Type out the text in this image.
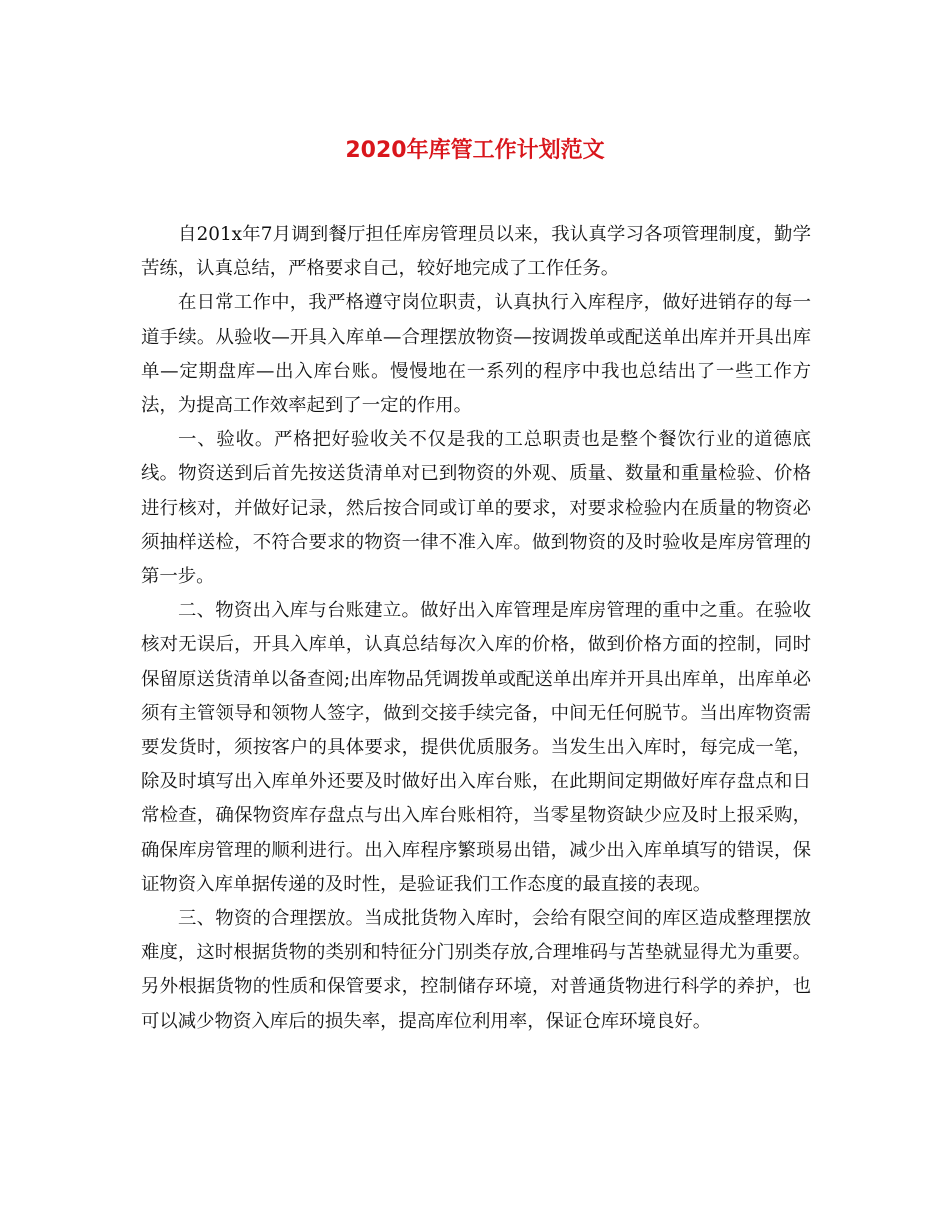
2020年库管工作计划范文

自201x年7月调到餐厅担任库房管理员以来，我认真学习各项管理制度，勤学苦练，认真总结，严格要求自己，较好地完成了工作任务。

在日常工作中，我严格遵守岗位职责，认真执行入库程序，做好进销存的每一道手续。从验收—开具入库单—合理摆放物资—按调拨单或配送单出库并开具出库单—定期盘库—出入库台账。慢慢地在一系列的程序中我也总结出了一些工作方法，为提高工作效率起到了一定的作用。

一、验收。严格把好验收关不仅是我的工总职责也是整个餐饮行业的道德底线。物资送到后首先按送货清单对已到物资的外观、质量、数量和重量检验、价格进行核对，并做好记录，然后按合同或订单的要求，对要求检验内在质量的物资必须抽样送检，不符合要求的物资一律不准入库。做到物资的及时验收是库房管理的第一步。

二、物资出入库与台账建立。做好出入库管理是库房管理的重中之重。在验收核对无误后，开具入库单，认真总结每次入库的价格，做到价格方面的控制，同时保留原送货清单以备查阅;出库物品凭调拨单或配送单出库并开具出库单，出库单必须有主管领导和领物人签字，做到交接手续完备，中间无任何脱节。当出库物资需要发货时，须按客户的具体要求，提供优质服务。当发生出入库时，每完成一笔，除及时填写出入库单外还要及时做好出入库台账，在此期间定期做好库存盘点和日常检查，确保物资库存盘点与出入库台账相符，当零星物资缺少应及时上报采购，确保库房管理的顺利进行。出入库程序繁琐易出错，减少出入库单填写的错误，保证物资入库单据传递的及时性，是验证我们工作态度的最直接的表现。

三、物资的合理摆放。当成批货物入库时，会给有限空间的库区造成整理摆放难度，这时根据货物的类别和特征分门别类存放,合理堆码与苫垫就显得尤为重要。另外根据货物的性质和保管要求，控制储存环境，对普通货物进行科学的养护，也可以减少物资入库后的损失率，提高库位利用率，保证仓库环境良好。
